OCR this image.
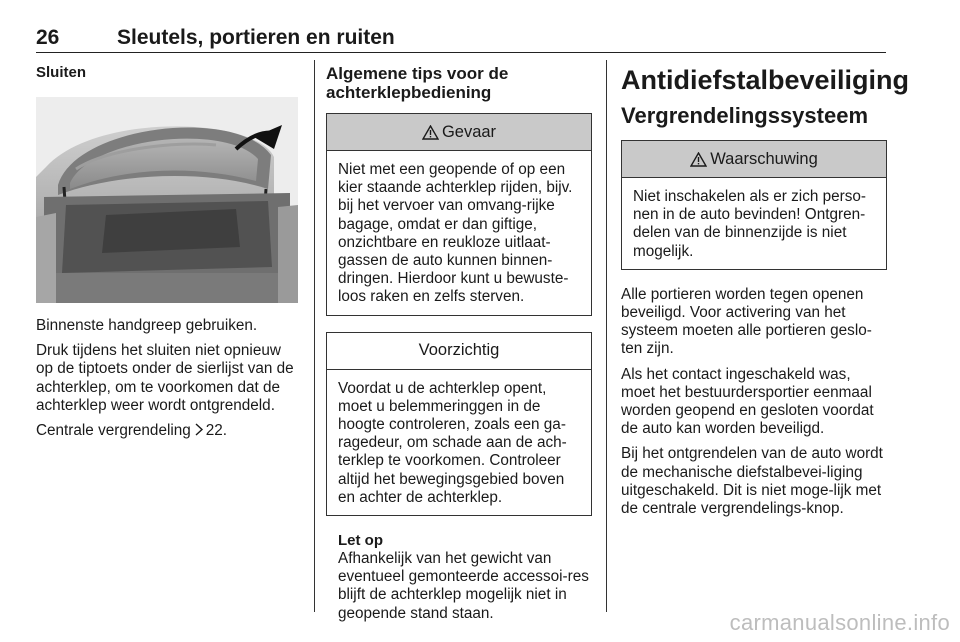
26	Sleutels, portieren en ruiten

Sluiten

Binnenste handgreep gebruiken.

Druk tijdens het sluiten niet opnieuw op de tiptoets onder de sierlijst van de achterklep, om te voorkomen dat de achterklep weer wordt ontgrendeld.

Centrale vergrendeling 22.

Algemene tips voor de achterklepbediening

Gevaar
Niet met een geopende of op een kier staande achterklep rijden, bijv. bij het vervoer van omvang-rijke bagage, omdat er dan giftige, onzichtbare en reukloze uitlaat-gassen de auto kunnen binnen-dringen. Hierdoor kunt u bewuste-loos raken en zelfs sterven.
Voorzichtig
Voordat u de achterklep opent, moet u belemmeringgen in de hoogte controleren, zoals een ga-ragedeur, om schade aan de ach-terklep te voorkomen. Controleer altijd het bewegingsgebied boven en achter de achterklep.
Let op
Afhankelijk van het gewicht van eventueel gemonteerde accessoi-res blijft de achterklep mogelijk niet in geopende stand staan.

Antidiefstalbeveiliging

Vergrendelingssysteem

Waarschuwing
Niet inschakelen als er zich perso-nen in de auto bevinden! Ontgren-delen van de binnenzijde is niet mogelijk.

Alle portieren worden tegen openen beveiligd. Voor activering van het systeem moeten alle portieren geslo-ten zijn.

Als het contact ingeschakeld was, moet het bestuurdersportier eenmaal worden geopend en gesloten voordat de auto kan worden beveiligd.

Bij het ontgrendelen van de auto wordt de mechanische diefstalbevei-liging uitgeschakeld. Dit is niet moge-lijk met de centrale vergrendelings-knop.

carmanualsonline.info
